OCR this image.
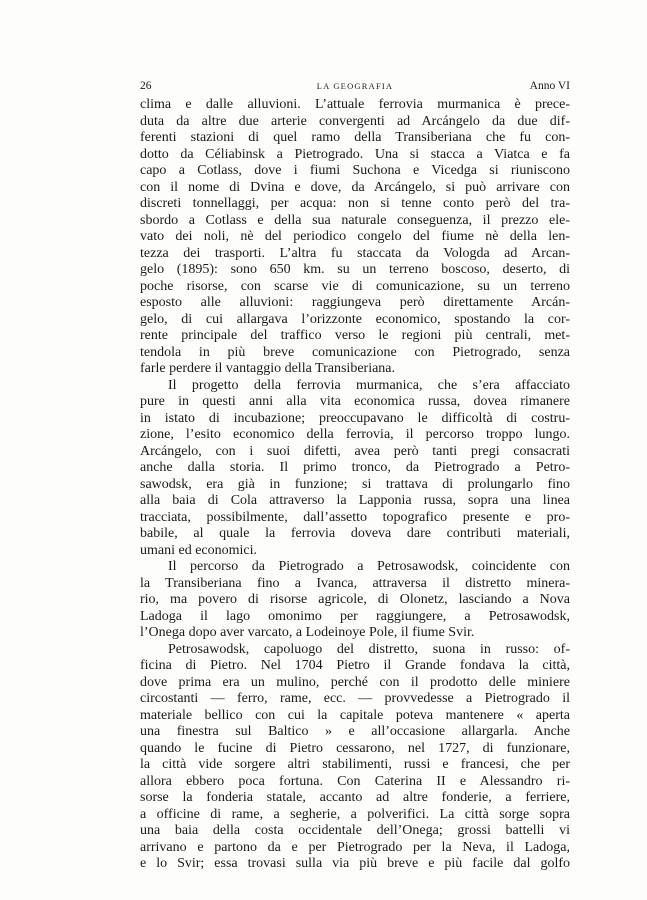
26	LA GEOGRAFIA	Anno VI
clima e dalle alluvioni. L’attuale ferrovia murmanica è prece-
duta da altre due arterie convergenti ad Arcángelo da due dif-
ferenti stazioni di quel ramo della Transiberiana che fu con-
dotto da Céliabinsk a Pietrogrado. Una si stacca a Viatca e fa
capo a Cotlass, dove i fiumi Suchona e Vicedga si riuniscono
con il nome di Dvina e dove, da Arcángelo, si può arrivare con
discreti tonnellaggi, per acqua: non si tenne conto però del tra-
sbordo a Cotlass e della sua naturale conseguenza, il prezzo ele-
vato dei noli, nè del periodico congelo del fiume nè della len-
tezza dei trasporti. L’altra fu staccata da Vologda ad Arcan-
gelo (1895): sono 650 km. su un terreno boscoso, deserto, di
poche risorse, con scarse vie di comunicazione, su un terreno
esposto alle alluvioni: raggiungeva però direttamente Arcán-
gelo, di cui allargava l’orizzonte economico, spostando la cor-
rente principale del traffico verso le regioni più centrali, met-
tendola in più breve comunicazione con Pietrogrado, senza
farle perdere il vantaggio della Transiberiana.
Il progetto della ferrovia murmanica, che s’era affacciato
pure in questi anni alla vita economica russa, dovea rimanere
in istato di incubazione; preoccupavano le difficoltà di costru-
zione, l’esito economico della ferrovia, il percorso troppo lungo.
Arcángelo, con i suoi difetti, avea però tanti pregi consacrati
anche dalla storia. Il primo tronco, da Pietrogrado a Petro-
sawodsk, era già in funzione; si trattava di prolungarlo fino
alla baia di Cola attraverso la Lapponia russa, sopra una linea
tracciata, possibilmente, dall’assetto topografico presente e pro-
babile, al quale la ferrovia doveva dare contributi materiali,
umani ed economici.
Il percorso da Pietrogrado a Petrosawodsk, coincidente con
la Transiberiana fino a Ivanca, attraversa il distretto minera-
rio, ma povero di risorse agricole, di Olonetz, lasciando a Nova
Ladoga il lago omonimo per raggiungere, a Petrosawodsk,
l’Onega dopo aver varcato, a Lodeinoye Pole, il fiume Svir.
Petrosawodsk, capoluogo del distretto, suona in russo: of-
ficina di Pietro. Nel 1704 Pietro il Grande fondava la città,
dove prima era un mulino, perché con il prodotto delle miniere
circostanti — ferro, rame, ecc. — provvedesse a Pietrogrado il
materiale bellico con cui la capitale poteva mantenere « aperta
una finestra sul Baltico » e all’occasione allargarla. Anche
quando le fucine di Pietro cessarono, nel 1727, di funzionare,
la città vide sorgere altri stabilimenti, russi e francesi, che per
allora ebbero poca fortuna. Con Caterina II e Alessandro ri-
sorse la fonderia statale, accanto ad altre fonderie, a ferriere,
a officine di rame, a segherie, a polverifici. La città sorge sopra
una baia della costa occidentale dell’Onega; grossi battelli vi
arrivano e partono da e per Pietrogrado per la Neva, il Ladoga,
e lo Svir; essa trovasi sulla via più breve e più facile dal golfo
